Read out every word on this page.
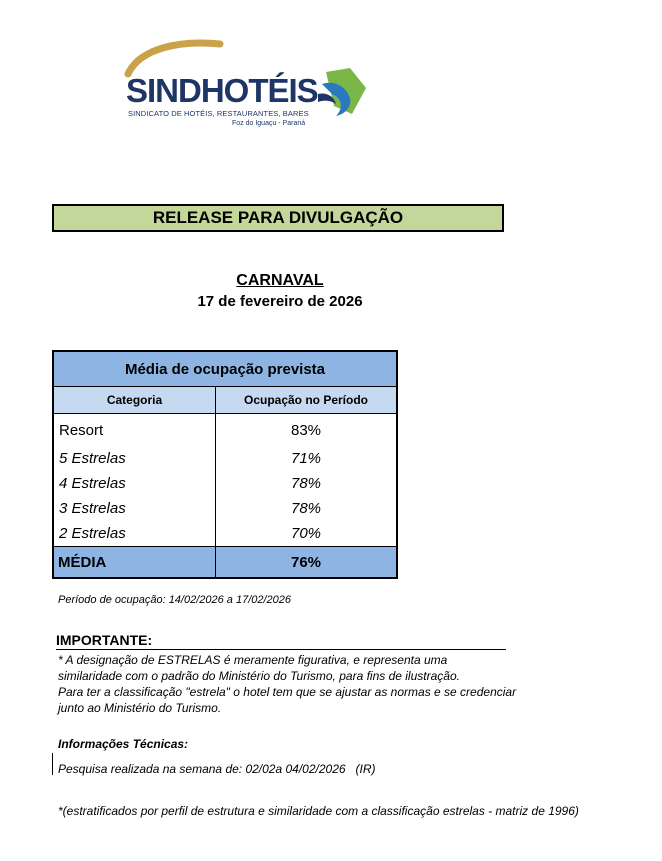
SINDHOTÉIS
SINDICATO DE HOTÉIS, RESTAURANTES, BARES
Foz do Iguaçu - Paraná
RELEASE PARA DIVULGAÇÃO
CARNAVAL
17 de fevereiro de 2026
Média de ocupação prevista
Categoria	Ocupação no Período
Resort	83%
5 Estrelas	71%
4 Estrelas	78%
3 Estrelas	78%
2 Estrelas	70%
MÉDIA	76%
Período de ocupação: 14/02/2026 a 17/02/2026
IMPORTANTE:
* A designação de ESTRELAS é meramente figurativa, e representa uma
similaridade com o padrão do Ministério do Turismo, para fins de ilustração.
Para ter a classificação "estrela" o hotel tem que se ajustar as normas e se credenciar
junto ao Ministério do Turismo.
Informações Técnicas:
Pesquisa realizada na semana de: 02/02a 04/02/2026   (IR)
*(estratificados por perfil de estrutura e similaridade com a classificação estrelas - matriz de 1996)
